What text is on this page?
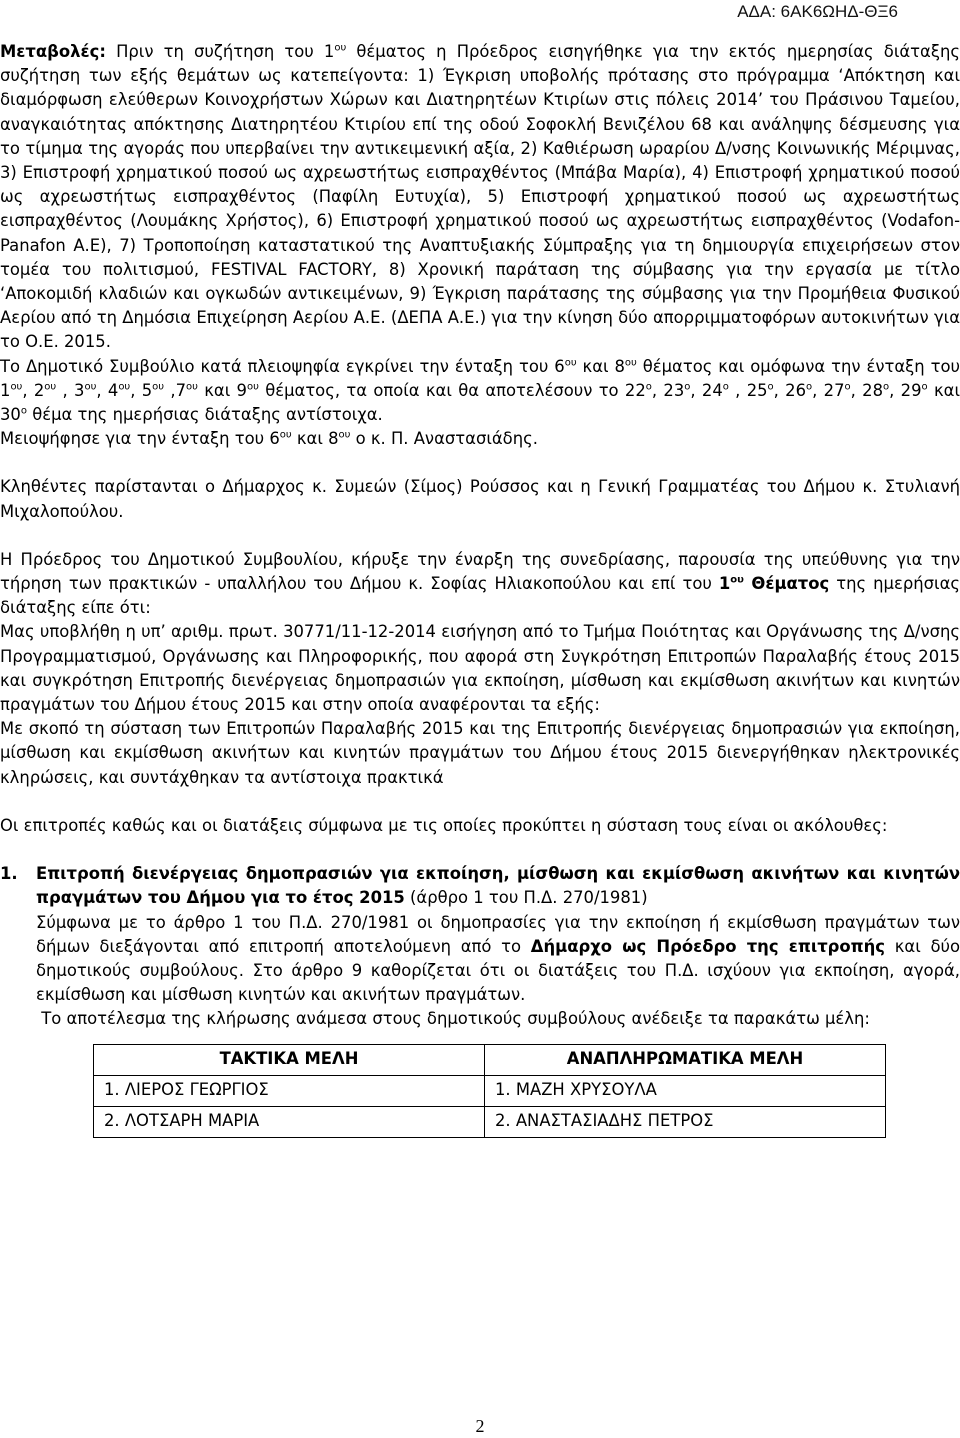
ΑΔΑ: 6ΑΚ6ΩΗΔ-ΘΞ6

Μεταβολές: Πριν τη συζήτηση του $1^{o\upsilon}$ θέματος η Πρόεδρος εισηγήθηκε για την εκτός ημερησίας διάταξης συζήτηση των εξής θεμάτων ως κατεπείγοντα: 1) Έγκριση υποβολής πρότασης στο πρόγραμμα ‘Απόκτηση και διαμόρφωση ελεύθερων Κοινοχρήστων Χώρων και Διατηρητέων Κτιρίων στις πόλεις 2014’ του Πράσινου Ταμείου, αναγκαιότητας απόκτησης Διατηρητέου Κτιρίου επί της οδού Σοφοκλή Βενιζέλου 68 και ανάληψης δέσμευσης για το τίμημα της αγοράς που υπερβαίνει την αντικειμενική αξία, 2) Καθιέρωση ωραρίου Δ/νσης Κοινωνικής Μέριμνας, 3) Επιστροφή χρηματικού ποσού ως αχρεωστήτως εισπραχθέντος (Μπάβα Μαρία), 4) Επιστροφή χρηματικού ποσού ως αχρεωστήτως εισπραχθέντος (Παφίλη Ευτυχία), 5) Επιστροφή χρηματικού ποσού ως αχρεωστήτως εισπραχθέντος (Λουμάκης Χρήστος), 6) Επιστροφή χρηματικού ποσού ως αχρεωστήτως εισπραχθέντος (Vodafon-Panafon Α.Ε), 7) Τροποποίηση καταστατικού της Αναπτυξιακής Σύμπραξης για τη δημιουργία επιχειρήσεων στον τομέα του πολιτισμού, FESTIVAL FACTORY, 8) Χρονική παράταση της σύμβασης για την εργασία με τίτλο ‘Αποκομιδή κλαδιών και ογκωδών αντικειμένων, 9) Έγκριση παράτασης της σύμβασης για την Προμήθεια Φυσικού Αερίου από τη Δημόσια Επιχείρηση Αερίου Α.Ε. (ΔΕΠΑ Α.Ε.) για την κίνηση δύο απορριμματοφόρων αυτοκινήτων για το Ο.Ε. 2015.

Το Δημοτικό Συμβούλιο κατά πλειοψηφία εγκρίνει την ένταξη του $6^{o\upsilon}$ και $8^{o\upsilon}$ θέματος και ομόφωνα την ένταξη του $1^{o\upsilon}$, $2^{o\upsilon}$ , $3^{o\upsilon}$, $4^{o\upsilon}$, $5^{o\upsilon}$ $,7^{o\upsilon}$ και $9^{o\upsilon}$ θέματος, τα οποία και θα αποτελέσουν το $22^o$, $23^o$, $24^o$ , $25^o$, $26^o$, $27^o$, $28^o$, $29^o$ και $30^o$ θέμα της ημερήσιας διάταξης αντίστοιχα.

Μειοψήφησε για την ένταξη του $6^{o\upsilon}$ και $8^{o\upsilon}$ ο κ. Π. Αναστασιάδης.

Κληθέντες παρίστανται ο Δήμαρχος κ. Συμεών (Σίμος) Ρούσσος και η Γενική Γραμματέας του Δήμου κ. Στυλιανή Μιχαλοπούλου.

Η Πρόεδρος του Δημοτικού Συμβουλίου, κήρυξε την έναρξη της συνεδρίασης, παρουσία της υπεύθυνης για την τήρηση των πρακτικών - υπαλλήλου του Δήμου κ. Σοφίας Ηλιακοπούλου και επί του $1^{o\upsilon}$ Θέματος της ημερήσιας διάταξης είπε ότι:

Μας υποβλήθη η υπ’ αριθμ. πρωτ. 30771/11-12-2014 εισήγηση από το Τμήμα Ποιότητας και Οργάνωσης της Δ/νσης Προγραμματισμού, Οργάνωσης και Πληροφορικής, που αφορά στη Συγκρότηση Επιτροπών Παραλαβής έτους 2015 και συγκρότηση Επιτροπής διενέργειας δημοπρασιών για εκποίηση, μίσθωση και εκμίσθωση ακινήτων και κινητών πραγμάτων του Δήμου έτους 2015 και στην οποία αναφέρονται τα εξής:

Με σκοπό τη σύσταση των Επιτροπών Παραλαβής 2015 και της Επιτροπής διενέργειας δημοπρασιών για εκποίηση, μίσθωση και εκμίσθωση ακινήτων και κινητών πραγμάτων του Δήμου έτους 2015 διενεργήθηκαν ηλεκτρονικές κληρώσεις, και συντάχθηκαν τα αντίστοιχα πρακτικά

Οι επιτροπές καθώς και οι διατάξεις σύμφωνα με τις οποίες προκύπτει η σύσταση τους είναι οι ακόλουθες:

1.	Επιτροπή διενέργειας δημοπρασιών για εκποίηση, μίσθωση και εκμίσθωση ακινήτων και κινητών πραγμάτων του Δήμου για το έτος 2015 (άρθρο 1 του Π.Δ. 270/1981)

Σύμφωνα με το άρθρο 1 του Π.Δ. 270/1981 οι δημοπρασίες για την εκποίηση ή εκμίσθωση πραγμάτων των δήμων διεξάγονται από επιτροπή αποτελούμενη από το Δήμαρχο ως Πρόεδρο της επιτροπής και δύο δημοτικούς συμβούλους. Στο άρθρο 9 καθορίζεται ότι οι διατάξεις του Π.Δ. ισχύουν για εκποίηση, αγορά, εκμίσθωση και μίσθωση κινητών και ακινήτων πραγμάτων.

Το αποτέλεσμα της κλήρωσης ανάμεσα στους δημοτικούς συμβούλους ανέδειξε τα παρακάτω μέλη:

ΤΑΚΤΙΚΑ ΜΕΛΗ	ΑΝΑΠΛΗΡΩΜΑΤΙΚΑ ΜΕΛΗ
1. ΛΙΕΡΟΣ ΓΕΩΡΓΙΟΣ	1. ΜΑΖΗ ΧΡΥΣΟΥΛΑ
2. ΛΟΤΣΑΡΗ ΜΑΡΙΑ	2. ΑΝΑΣΤΑΣΙΑΔΗΣ ΠΕΤΡΟΣ
2
